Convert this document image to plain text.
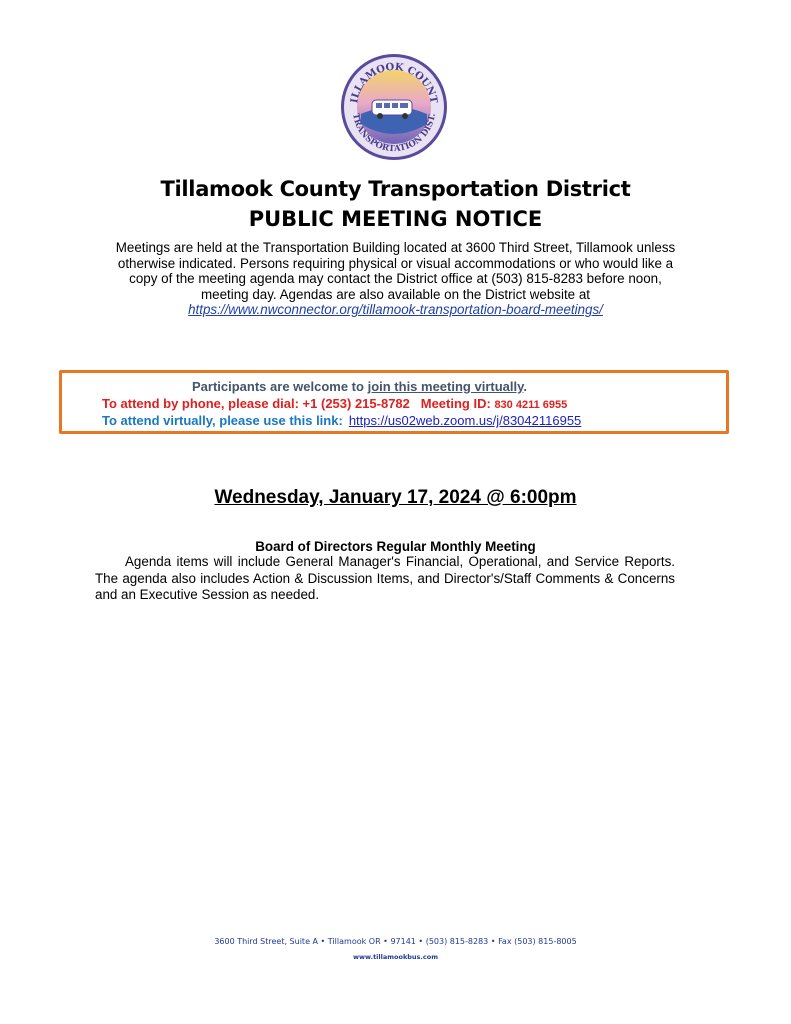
ILLAMOOK COUNT
TRANSPORTATION DIST.
Tillamook County Transportation District
PUBLIC MEETING NOTICE
Meetings are held at the Transportation Building located at 3600 Third Street, Tillamook unless
otherwise indicated. Persons requiring physical or visual accommodations or who would like a
copy of the meeting agenda may contact the District office at (503) 815-8283 before noon,
meeting day. Agendas are also available on the District website at
https://www.nwconnector.org/tillamook-transportation-board-meetings/
Participants are welcome to join this meeting virtually.
To attend by phone, please dial: +1 (253) 215-8782 Meeting ID: 830 4211 6955
To attend virtually, please use this link: https://us02web.zoom.us/j/83042116955
Wednesday, January 17, 2024 @ 6:00pm
Board of Directors Regular Monthly Meeting
Agenda items will include General Manager's Financial, Operational, and Service Reports. The agenda also includes Action & Discussion Items, and Director's/Staff Comments & Concerns and an Executive Session as needed.
3600 Third Street, Suite A • Tillamook OR • 97141 • (503) 815-8283 • Fax (503) 815-8005
www.tillamookbus.com
